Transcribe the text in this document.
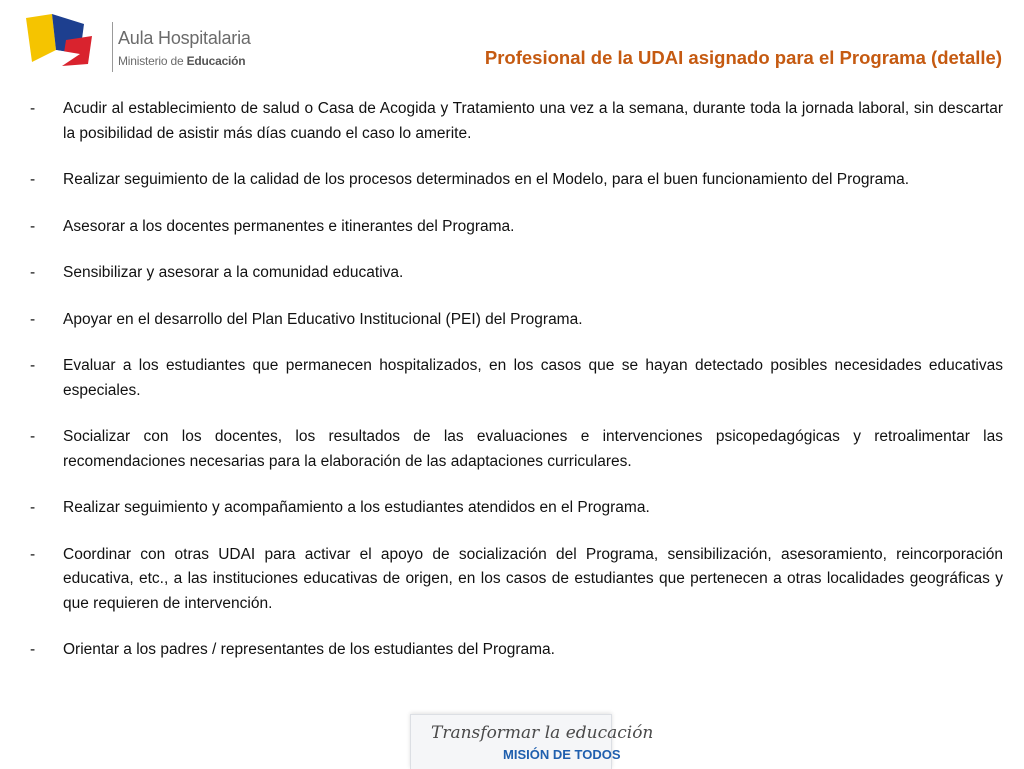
Aula Hospitalaria
Ministerio de Educación	Profesional de la UDAI asignado para el Programa (detalle)
- Acudir al establecimiento de salud o Casa de Acogida y Tratamiento una vez a la semana, durante toda la jornada laboral, sin descartar la posibilidad de asistir más días cuando el caso lo amerite.
- Realizar seguimiento de la calidad de los procesos determinados en el Modelo, para el buen funcionamiento del Programa.
- Asesorar a los docentes permanentes e itinerantes del Programa.
- Sensibilizar y asesorar a la comunidad educativa.
- Apoyar en el desarrollo del Plan Educativo Institucional (PEI) del Programa.
- Evaluar a los estudiantes que permanecen hospitalizados, en los casos que se hayan detectado posibles necesidades educativas especiales.
- Socializar con los docentes, los resultados de las evaluaciones e intervenciones psicopedagógicas y retroalimentar las recomendaciones necesarias para la elaboración de las adaptaciones curriculares.
- Realizar seguimiento y acompañamiento a los estudiantes atendidos en el Programa.
- Coordinar con otras UDAI para activar el apoyo de socialización del Programa, sensibilización, asesoramiento, reincorporación educativa, etc., a las instituciones educativas de origen, en los casos de estudiantes que pertenecen a otras localidades geográficas y que requieren de intervención.
- Orientar a los padres / representantes de los estudiantes del Programa.
Transformar la educación
MISIÓN DE TODOS
